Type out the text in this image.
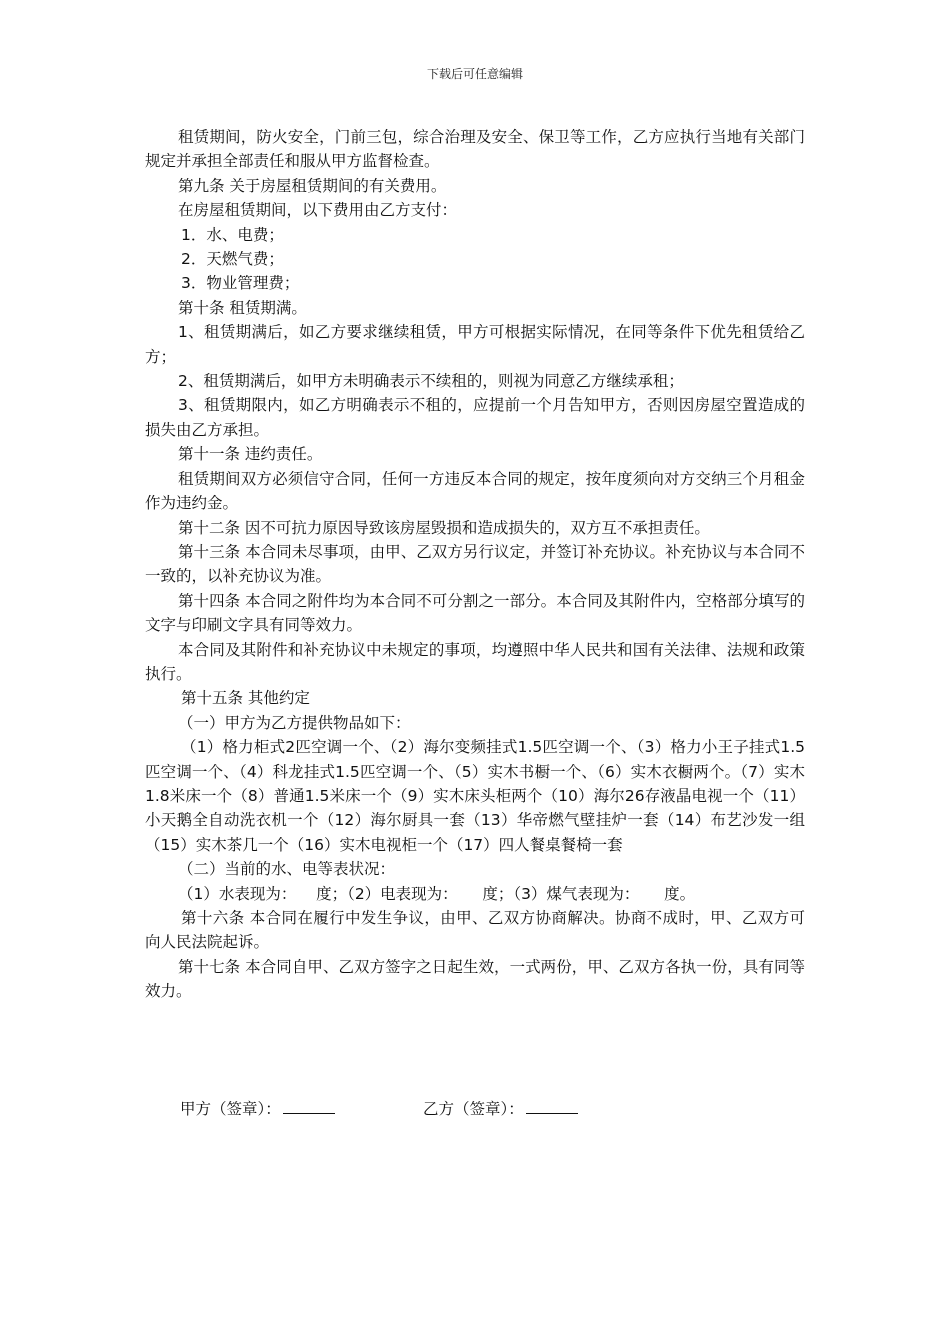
下载后可任意编辑

租赁期间，防火安全，门前三包，综合治理及安全、保卫等工作，乙方应执行当地有关部门规定并承担全部责任和服从甲方监督检查。

第九条 关于房屋租赁期间的有关费用。

在房屋租赁期间，以下费用由乙方支付：

1．水、电费；

2．天燃气费；

3．物业管理费；

第十条 租赁期满。

1、租赁期满后，如乙方要求继续租赁，甲方可根据实际情况，在同等条件下优先租赁给乙方；

2、租赁期满后，如甲方未明确表示不续租的，则视为同意乙方继续承租；

3、租赁期限内，如乙方明确表示不租的，应提前一个月告知甲方，否则因房屋空置造成的损失由乙方承担。

第十一条 违约责任。

租赁期间双方必须信守合同，任何一方违反本合同的规定，按年度须向对方交纳三个月租金作为违约金。

第十二条 因不可抗力原因导致该房屋毁损和造成损失的，双方互不承担责任。

第十三条 本合同未尽事项，由甲、乙双方另行议定，并签订补充协议。补充协议与本合同不一致的，以补充协议为准。

第十四条 本合同之附件均为本合同不可分割之一部分。本合同及其附件内，空格部分填写的文字与印刷文字具有同等效力。

本合同及其附件和补充协议中未规定的事项，均遵照中华人民共和国有关法律、法规和政策执行。

第十五条 其他约定

（一）甲方为乙方提供物品如下：

（1）格力柜式2匹空调一个、（2）海尔变频挂式1.5匹空调一个、（3）格力小王子挂式1.5匹空调一个、（4）科龙挂式1.5匹空调一个、（5）实木书橱一个、（6）实木衣橱两个。（7）实木1.8米床一个（8）普通1.5米床一个（9）实木床头柜两个（10）海尔26存液晶电视一个（11）小天鹅全自动洗衣机一个（12）海尔厨具一套（13）华帝燃气壁挂炉一套（14）布艺沙发一组（15）实木茶几一个（16）实木电视柜一个（17）四人餐桌餐椅一套

（二）当前的水、电等表状况：

（1）水表现为：    度；（2）电表现为：     度；（3）煤气表现为：     度。

第十六条 本合同在履行中发生争议，由甲、乙双方协商解决。协商不成时，甲、乙双方可向人民法院起诉。

第十七条 本合同自甲、乙双方签字之日起生效，一式两份，甲、乙双方各执一份，具有同等效力。

甲方（签章）：	乙方（签章）：
